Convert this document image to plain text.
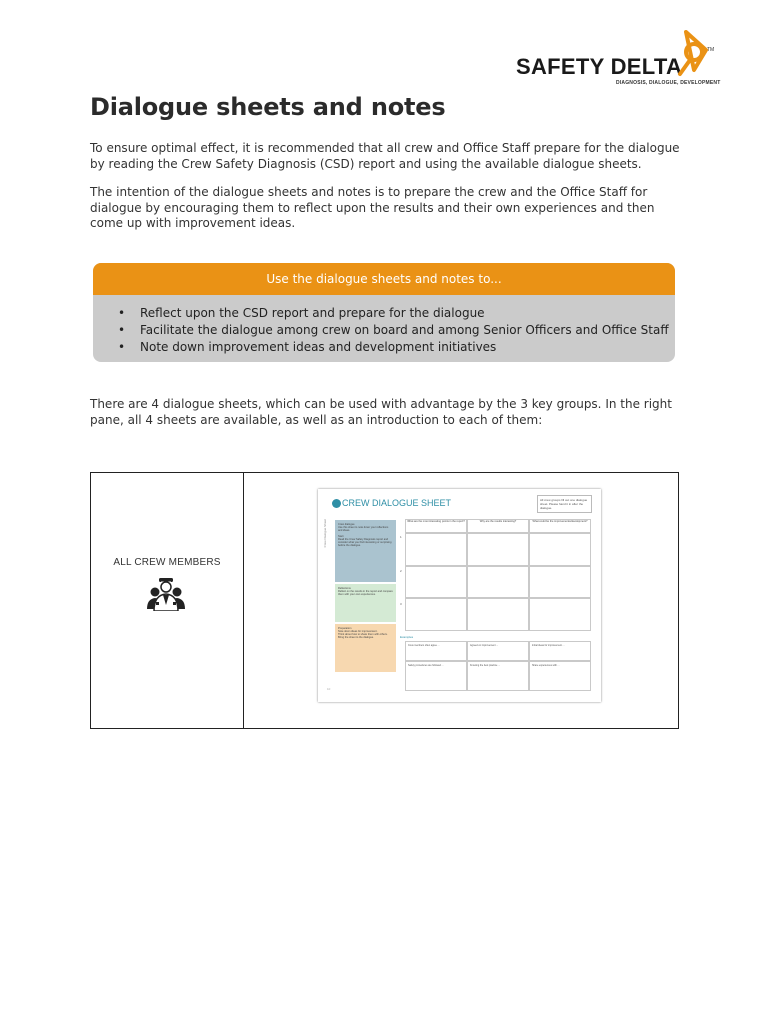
SAFETY DELTA
TM
DIAGNOSIS, DIALOGUE, DEVELOPMENT
Dialogue sheets and notes

To ensure optimal effect, it is recommended that all crew and Office Staff prepare for the dialogue by reading the Crew Safety Diagnosis (CSD) report and using the available dialogue sheets.

The intention of the dialogue sheets and notes is to prepare the crew and the Office Staff for dialogue by encouraging them to reflect upon the results and their own experiences and then come up with improvement ideas.

Use the dialogue sheets and notes to...
• Reflect upon the CSD report and prepare for the dialogue
• Facilitate the dialogue among crew on board and among Senior Officers and Office Staff
• Note down improvement ideas and development initiatives

There are 4 dialogue sheets, which can be used with advantage by the 3 key groups. In the right pane, all 4 sheets are available, as well as an introduction to each of them:

ALL CREW MEMBERS
CREW DIALOGUE SHEET	All crew groups fill out one dialogue sheet. Please hand it in after the dialogue.
Crew Dialogue Sheet	Crew dialogue
Use this sheet to note down your reflections and ideas.
Start
Read the Crew Safety Diagnosis report and consider what you find interesting or surprising before the dialogue.
Reflections
Reflect on the results in the report and compare them with your own experiences.
Preparation
Note down ideas for improvement.
Think about how to share them with others.
Bring the sheet to the dialogue.
What are the most interesting points in the report?	Why are the results interesting?	What could be the improvements/development?
1
2
3
Examples
Crew members often agree ...	Agreed on improvement ...	Initial ideas for improvement ...
Safety procedures are followed ...	Knowing the best practice ...	Share experiences with ...
10
